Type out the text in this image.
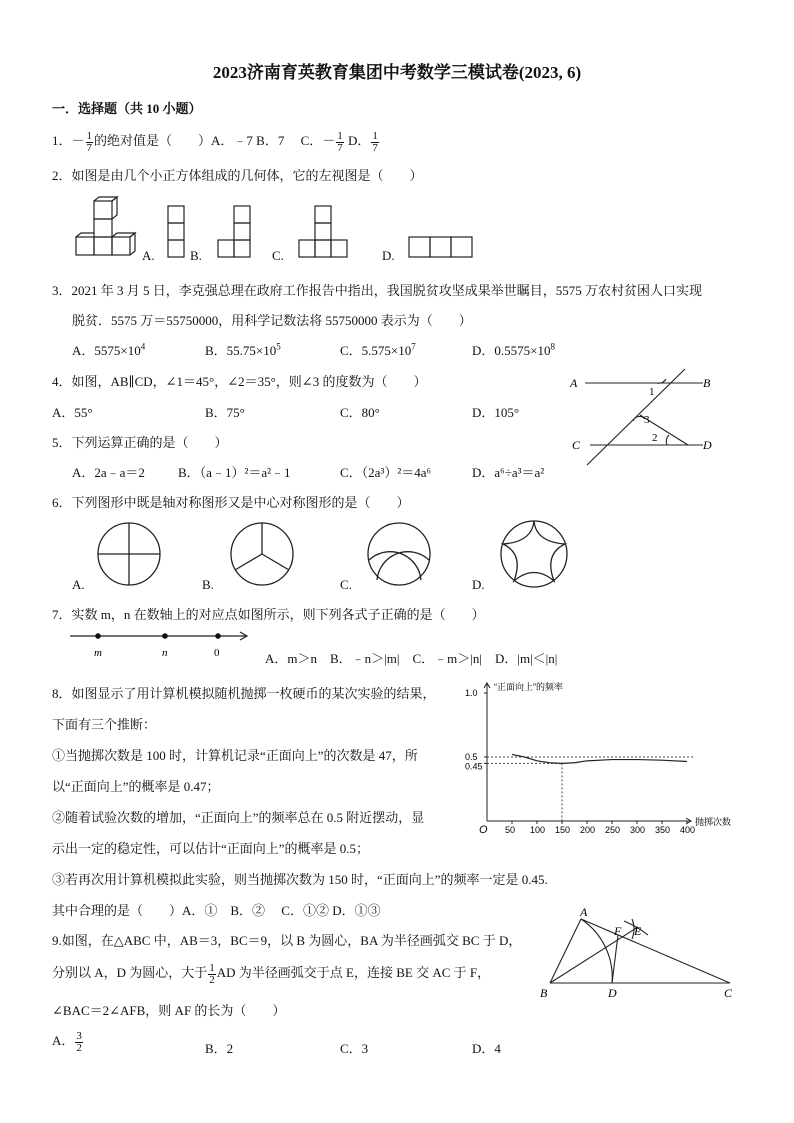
2023济南育英教育集团中考数学三模试卷(2023, 6)
一．选择题（共 10 小题）
1．－ $\frac{1}{7}$ 的绝对值是（　　）A．﹣7 B．7 　C．－ $\frac{1}{7}$ D． $\frac{1}{7}$
2．如图是由几个小正方体组成的几何体，它的左视图是（　　）
A.	B.	C.	D.
3．2021 年 3 月 5 日，李克强总理在政府工作报告中指出，我国脱贫攻坚成果举世瞩目，5575 万农村贫困人口实现
脱贫．5575 万＝55750000，用科学记数法将 55750000 表示为（　　）
A．$5575\times 10^4$	B．$55.75\times 10^5$	C．$5.575\times 10^7$	D．$0.5575\times 10^8$
4．如图，AB∥CD，∠1＝45°，∠2＝35°，则∠3 的度数为（　　）
A．55°	B．75°	C．80°	D．105°
A	B
C	D
1
2
3
5．下列运算正确的是（　　）
A．2a﹣a＝2	B．（a﹣1）²＝a²﹣1	C．（2a³）²＝4a⁶	D．a⁶÷a³＝a²
6．下列图形中既是轴对称图形又是中心对称图形的是（　　）
A.	B.	C.	D.
7．实数 m，n 在数轴上的对应点如图所示，则下列各式子正确的是（　　）
m	n	0	A．m＞n　B．﹣n＞|m|　C．﹣m＞|n|　D．|m|＜|n|
8．如图显示了用计算机模拟随机抛掷一枚硬币的某次实验的结果，
下面有三个推断：
①当抛掷次数是 100 时，计算机记录“正面向上”的次数是 47，所
以“正面向上”的概率是 0.47；
②随着试验次数的增加，“正面向上”的频率总在 0.5 附近摆动，显
示出一定的稳定性，可以估计“正面向上”的概率是 0.5；
③若再次用计算机模拟此实验，则当抛掷次数为 150 时，“正面向上”的频率一定是 0.45.
其中合理的是（　　）A．①　B．②　 C．①② D．①③
O 50 100 150 200 250 300 350 400
1.0
0.5
0.45
“正面向上”的频率
抛掷次数
9.如图，在△ABC 中，AB＝3，BC＝9，以 B 为圆心，BA 为半径画弧交 BC 于 D，
分别以 A，D 为圆心，大于 $\frac{1}{2}$ AD 为半径画弧交于点 E，连接 BE 交 AC 于 F，
∠BAC＝2∠AFB，则 AF 的长为（　　）
A． $\frac{3}{2}$	B．2	C．3	D．4
A
B	C
D
E
F
